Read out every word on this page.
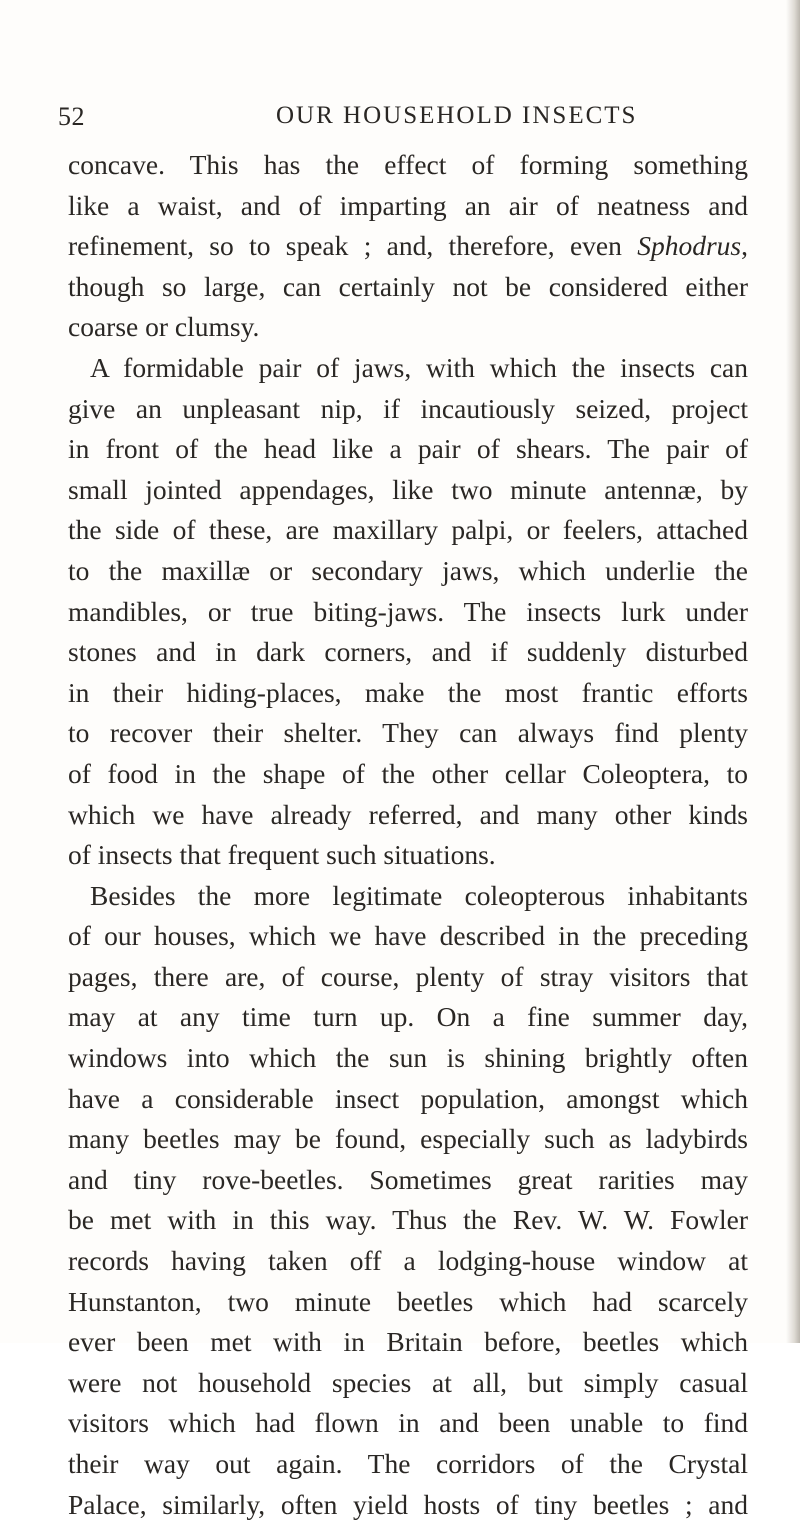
52	OUR HOUSEHOLD INSECTS
concave. This has the effect of forming something
like a waist, and of imparting an air of neatness and
refinement, so to speak ; and, therefore, even Sphodrus,
though so large, can certainly not be considered either
coarse or clumsy.
A formidable pair of jaws, with which the insects can
give an unpleasant nip, if incautiously seized, project
in front of the head like a pair of shears. The pair of
small jointed appendages, like two minute antennæ, by
the side of these, are maxillary palpi, or feelers, attached
to the maxillæ or secondary jaws, which underlie the
mandibles, or true biting-jaws. The insects lurk under
stones and in dark corners, and if suddenly disturbed
in their hiding-places, make the most frantic efforts
to recover their shelter. They can always find plenty
of food in the shape of the other cellar Coleoptera, to
which we have already referred, and many other kinds
of insects that frequent such situations.
Besides the more legitimate coleopterous inhabitants
of our houses, which we have described in the preceding
pages, there are, of course, plenty of stray visitors that
may at any time turn up. On a fine summer day,
windows into which the sun is shining brightly often
have a considerable insect population, amongst which
many beetles may be found, especially such as ladybirds
and tiny rove-beetles. Sometimes great rarities may
be met with in this way. Thus the Rev. W. W. Fowler
records having taken off a lodging-house window at
Hunstanton, two minute beetles which had scarcely
ever been met with in Britain before, beetles which
were not household species at all, but simply casual
visitors which had flown in and been unable to find
their way out again. The corridors of the Crystal
Palace, similarly, often yield hosts of tiny beetles ; and
